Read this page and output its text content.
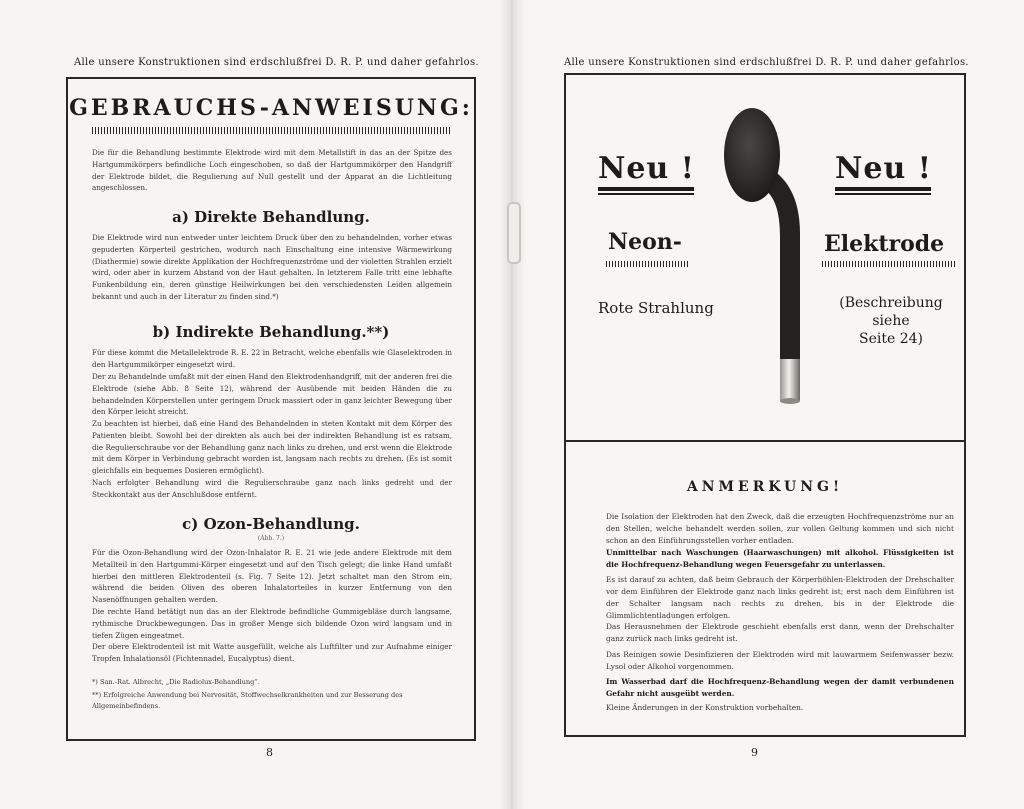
Alle unsere Konstruktionen sind erdschlußfrei D. R. P. und daher gefahrlos.
GEBRAUCHS-ANWEISUNG:

Die für die Behandlung bestimmte Elektrode wird mit dem Metallstift in das an der Spitze des Hartgummikörpers befindliche Loch eingeschoben, so daß der Hartgummikörper den Handgriff der Elektrode bildet, die Regulierung auf Null gestellt und der Apparat an die Lichtleitung angeschlossen.

a) Direkte Behandlung.

Die Elektrode wird nun entweder unter leichtem Druck über den zu behandelnden, vorher etwas gepuderten Körperteil gestrichen, wodurch nach Einschaltung eine intensive Wärmewirkung (Diathermie) sowie direkte Applikation der Hochfrequenzströme und der violetten Strahlen erzielt wird, oder aber in kurzem Abstand von der Haut gehalten. In letzterem Falle tritt eine lebhafte Funkenbildung ein, deren günstige Heilwirkungen bei den verschiedensten Leiden allgemein bekannt und auch in der Literatur zu finden sind.*)

b) Indirekte Behandlung.**)

Für diese kommt die Metallelektrode R. E. 22 in Betracht, welche ebenfalls wie Glaselektroden in den Hartgummikörper eingesetzt wird.

Der zu Behandelnde umfaßt mit der einen Hand den Elektrodenhandgriff, mit der anderen frei die Elektrode (siehe Abb. 8 Seite 12), während der Ausübende mit beiden Händen die zu behandelnden Körperstellen unter geringem Druck massiert oder in ganz leichter Bewegung über den Körper leicht streicht.

Zu beachten ist hierbei, daß eine Hand des Behandelnden in steten Kontakt mit dem Körper des Patienten bleibt. Sowohl bei der direkten als auch bei der indirekten Behandlung ist es ratsam, die Regulierschraube vor der Behandlung ganz nach links zu drehen, und erst wenn die Elektrode mit dem Körper in Verbindung gebracht worden ist, langsam nach rechts zu drehen. (Es ist somit gleichfalls ein bequemes Dosieren ermöglicht).

Nach erfolgter Behandlung wird die Regulierschraube ganz nach links gedreht und der Steckkontakt aus der Anschlußdose entfernt.

c) Ozon-Behandlung.
(Abb. 7.)

Für die Ozon-Behandlung wird der Ozon-Inhalator R. E. 21 wie jede andere Elektrode mit dem Metallteil in den Hartgummi-Körper eingesetzt und auf den Tisch gelegt; die linke Hand umfaßt hierbei den mittleren Elektrodenteil (s. Fig. 7 Seite 12). Jetzt schaltet man den Strom ein, während die beiden Oliven des oberen Inhalatorteiles in kurzer Entfernung von den Nasenöffnungen gehalten werden.

Die rechte Hand betätigt nun das an der Elektrode befindliche Gummigebläse durch langsame, rythmische Druckbewegungen. Das in großer Menge sich bildende Ozon wird langsam und in tiefen Zügen eingeatmet.

Der obere Elektrodenteil ist mit Watte ausgefüllt, welche als Luftfilter und zur Aufnahme einiger Tropfen Inhalationsöl (Fichtennadel, Eucalyptus) dient.

*) San.-Rat. Albrecht, „Die Radiolux-Behandlung“.

**) Erfolgreiche Anwendung bei Nervosität, Stoffwechselkrankheiten und zur Besserung des Allgemeinbefindens.

8
Alle unsere Konstruktionen sind erdschlußfrei D. R. P. und daher gefahrlos.
Neu !	Neu !
Neon-	Elektrode
Rote Strahlung	(Beschreibung
siehe
Seite 24)
ANMERKUNG!

Die Isolation der Elektroden hat den Zweck, daß die erzeugten Hochfrequenzströme nur an den Stellen, welche behandelt werden sollen, zur vollen Geltung kommen und sich nicht schon an den Einführungsstellen vorher entladen.

Unmittelbar nach Waschungen (Haarwaschungen) mit alkohol. Flüssigkeiten ist die Hochfrequenz-Behandlung wegen Feuersgefahr zu unterlassen.

Es ist darauf zu achten, daß beim Gebrauch der Körperhöhlen-Elektroden der Drehschalter vor dem Einführen der Elektrode ganz nach links gedreht ist; erst nach dem Einführen ist der Schalter langsam nach rechts zu drehen, bis in der Elektrode die Glimmlichtentladungen erfolgen.

Das Herausnehmen der Elektrode geschieht ebenfalls erst dann, wenn der Drehschalter ganz zurück nach links gedreht ist.

Das Reinigen sowie Desinfizieren der Elektroden wird mit lauwarmem Seifenwasser bezw. Lysol oder Alkohol vorgenommen.

Im Wasserbad darf die Hochfrequenz-Behandlung wegen der damit verbundenen Gefahr nicht ausgeübt werden.

Kleine Änderungen in der Konstruktion vorbehalten.

9
